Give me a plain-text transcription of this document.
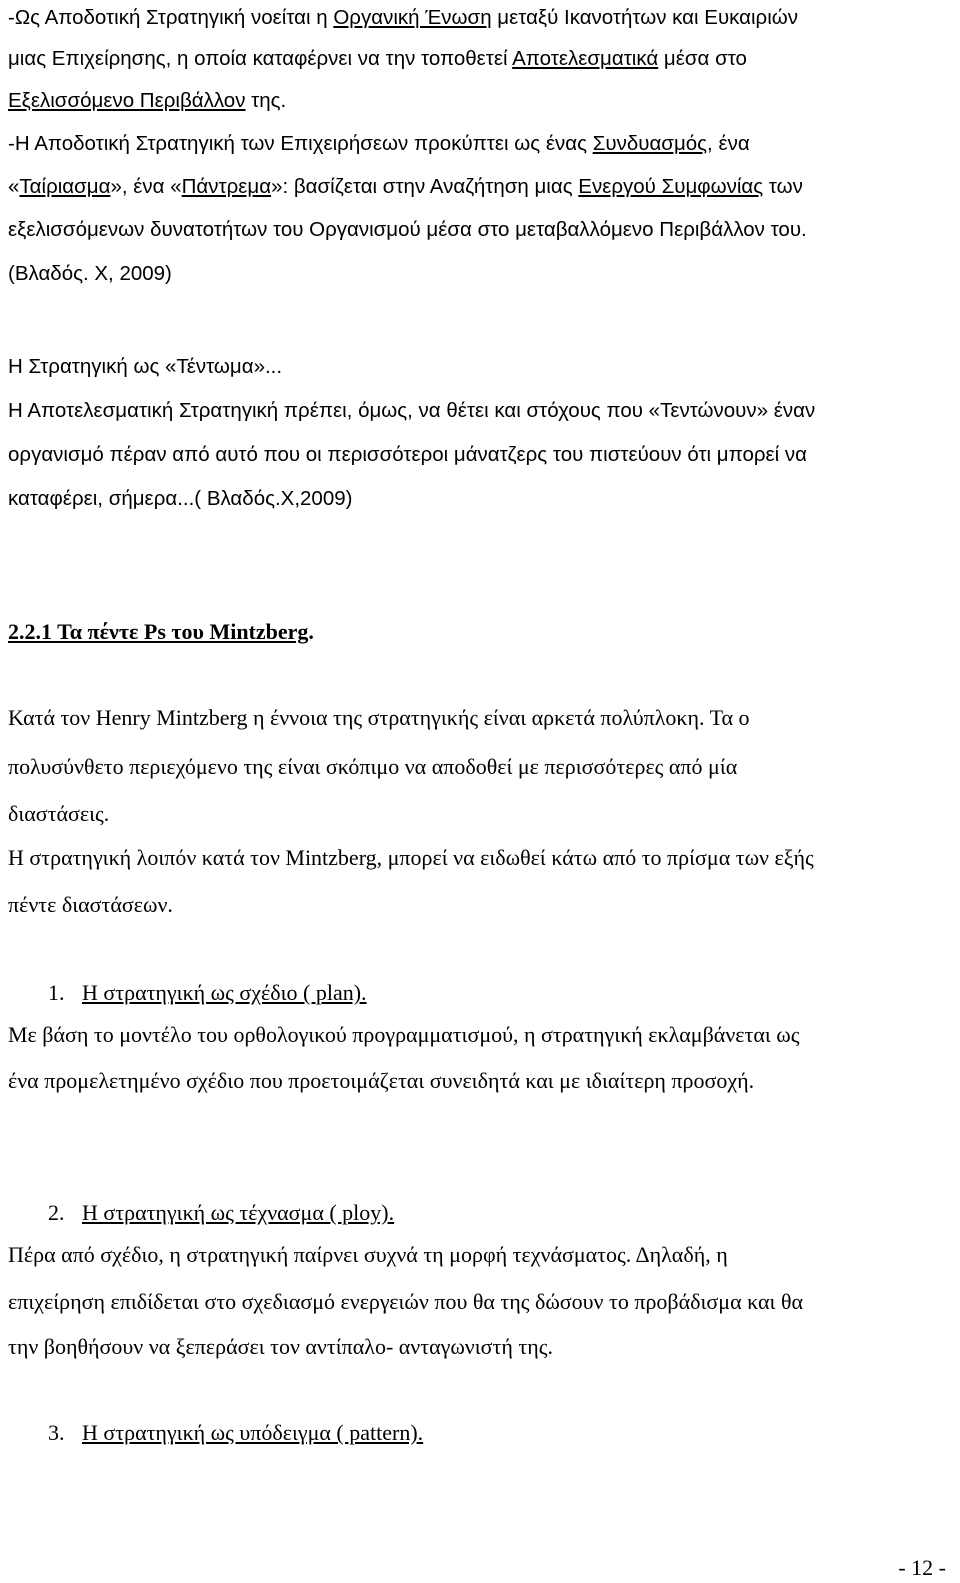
-Ως Αποδοτική Στρατηγική νοείται η Οργανική Ένωση μεταξύ Ικανοτήτων και Ευκαιριών
μιας Επιχείρησης, η οποία καταφέρνει να την τοποθετεί Αποτελεσματικά μέσα στο
Εξελισσόμενο Περιβάλλον της.
-Η Αποδοτική Στρατηγική των Επιχειρήσεων προκύπτει ως ένας Συνδυασμός, ένα
«Ταίριασμα», ένα «Πάντρεμα»: βασίζεται στην Αναζήτηση μιας Ενεργού Συμφωνίας των
εξελισσόμενων δυνατοτήτων του Οργανισμού μέσα στο μεταβαλλόμενο Περιβάλλον του.
(Βλαδός. Χ, 2009)
Η Στρατηγική ως «Τέντωμα»...
Η Αποτελεσματική Στρατηγική πρέπει, όμως, να θέτει και στόχους που «Τεντώνουν» έναν
οργανισμό πέραν από αυτό που οι περισσότεροι μάνατζερς του πιστεύουν ότι μπορεί να
καταφέρει, σήμερα...( Βλαδός.Χ,2009)
2.2.1 Τα πέντε Ps του Mintzberg.
Κατά τον Henry Mintzberg η έννοια της στρατηγικής είναι αρκετά πολύπλοκη. Τα ο
πολυσύνθετο περιεχόμενο της είναι σκόπιμο να αποδοθεί με περισσότερες από μία
διαστάσεις.
Η στρατηγική λοιπόν κατά τον Mintzberg, μπορεί να ειδωθεί κάτω από το πρίσμα των εξής
πέντε διαστάσεων.
1. Η στρατηγική ως σχέδιο ( plan).
Με βάση το μοντέλο του ορθολογικού προγραμματισμού, η στρατηγική εκλαμβάνεται ως
ένα προμελετημένο σχέδιο που προετοιμάζεται συνειδητά και με ιδιαίτερη προσοχή.
2. Η στρατηγική ως τέχνασμα ( ploy).
Πέρα από σχέδιο, η στρατηγική παίρνει συχνά τη μορφή τεχνάσματος. Δηλαδή, η
επιχείρηση επιδίδεται στο σχεδιασμό ενεργειών που θα της δώσουν το προβάδισμα και θα
την βοηθήσουν να ξεπεράσει τον αντίπαλο- ανταγωνιστή της.
3. Η στρατηγική ως υπόδειγμα ( pattern).
- 12 -
